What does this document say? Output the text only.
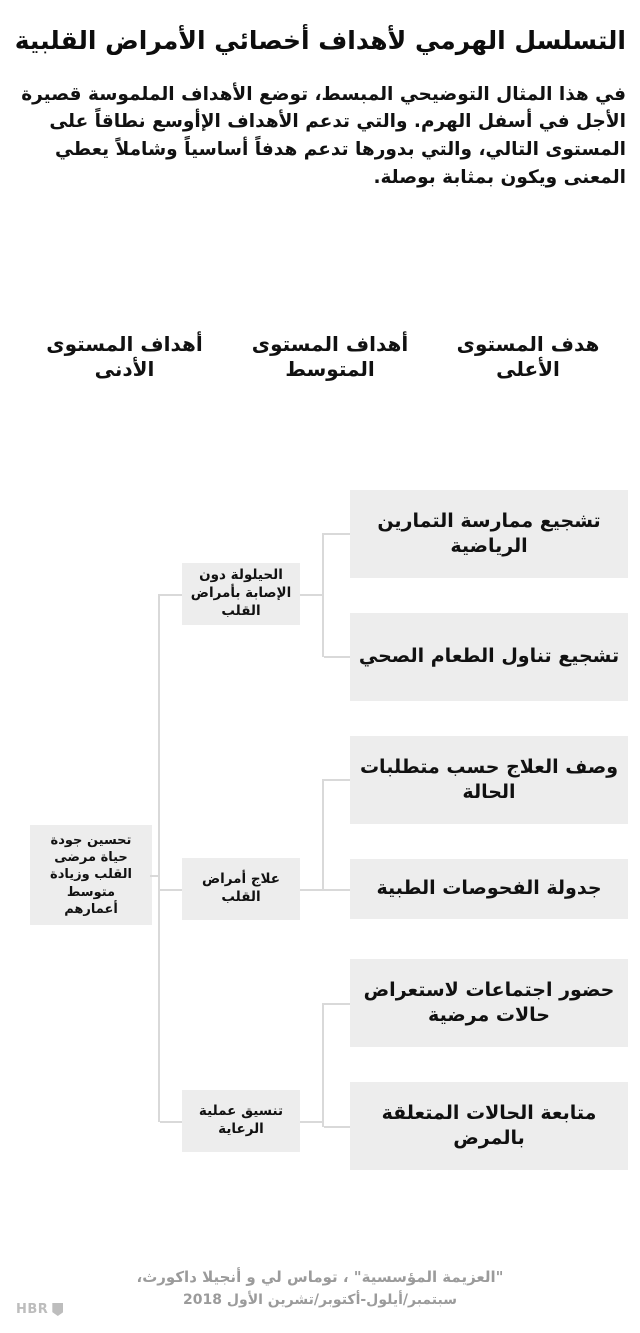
التسلسل الهرمي لأهداف أخصائي الأمراض القلبية

في هذا المثال التوضيحي المبسط، توضع الأهداف الملموسة قصيرة الأجل في أسفل الهرم. والتي تدعم الأهداف الإأوسع نطاقاً على المستوى التالي، والتي بدورها تدعم هدفاً أساسياً وشاملاً يعطي المعنى ويكون بمثابة بوصلة.

هدف المستوى الأعلى
أهداف المستوى المتوسط
أهداف المستوى الأدنى
تشجيع ممارسة التمارين الرياضية
تشجيع تناول الطعام الصحي
وصف العلاج حسب متطلبات الحالة
جدولة الفحوصات الطبية
حضور اجتماعات لاستعراض حالات مرضية
متابعة الحالات المتعلقة بالمرض
الحيلولة دون الإصابة بأمراض القلب
علاج أمراض القلب
تنسيق عملية الرعاية
تحسين جودة حياة مرضى القلب وزيادة متوسط أعمارهم
"العزيمة المؤسسية" ، توماس لي و أنجيلا داكورث،
سبتمبر/أيلول-أكتوبر/تشرين الأول 2018
HBR
